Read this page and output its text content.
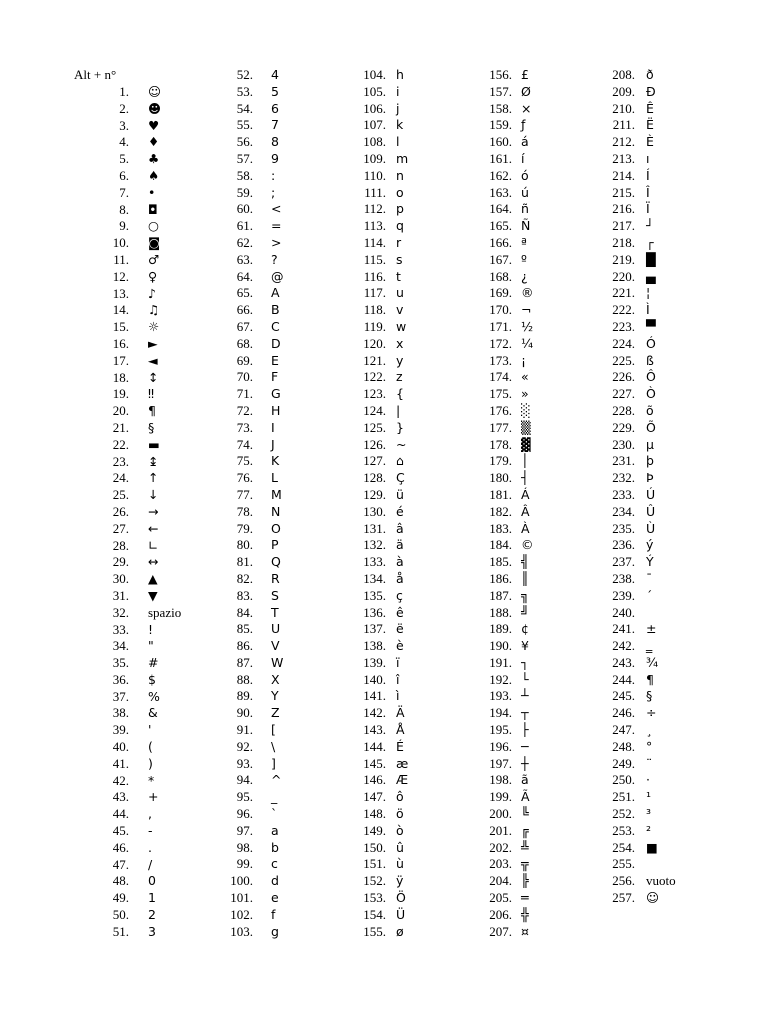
Alt + n°
1. ☺
2. ☻
3. ♥
4. ♦
5. ♣
6. ♠
7. •
8. ◘
9. ○
10. ◙
11. ♂
12. ♀
13. ♪
14. ♫
15. ☼
16. ►
17. ◄
18. ↕
19. ‼
20. ¶
21. §
22. ▬
23. ↨
24. ↑
25. ↓
26. →
27. ←
28. ∟
29. ↔
30. ▲
31. ▼
32. spazio
33. !
34. "
35. #
36. $
37. %
38. &
39. '
40. (
41. )
42. *
43. +
44. ,
45. -
46. .
47. /
48. 0
49. 1
50. 2
51. 3
52. 4
53. 5
54. 6
55. 7
56. 8
57. 9
58. :
59. ;
60. <
61. =
62. >
63. ?
64. @
65. A
66. B
67. C
68. D
69. E
70. F
71. G
72. H
73. I
74. J
75. K
76. L
77. M
78. N
79. O
80. P
81. Q
82. R
83. S
84. T
85. U
86. V
87. W
88. X
89. Y
90. Z
91. [
92. \
93. ]
94. ^
95. _
96. `
97. a
98. b
99. c
100. d
101. e
102. f
103. g
104. h
105. i
106. j
107. k
108. l
109. m
110. n
111. o
112. p
113. q
114. r
115. s
116. t
117. u
118. v
119. w
120. x
121. y
122. z
123. {
124. |
125. }
126. ~
127. ⌂
128. Ç
129. ü
130. é
131. â
132. ä
133. à
134. å
135. ç
136. ê
137. ë
138. è
139. ï
140. î
141. ì
142. Ä
143. Å
144. É
145. æ
146. Æ
147. ô
148. ö
149. ò
150. û
151. ù
152. ÿ
153. Ö
154. Ü
155. ø
156. £
157. Ø
158. ×
159. ƒ
160. á
161. í
162. ó
163. ú
164. ñ
165. Ñ
166. ª
167. º
168. ¿
169. ®
170. ¬
171. ½
172. ¼
173. ¡
174. «
175. »
176. ░
177. ▒
178. ▓
179. │
180. ┤
181. Á
182. Â
183. À
184. ©
185. ╣
186. ║
187. ╗
188. ╝
189. ¢
190. ¥
191. ┐
192. └
193. ┴
194. ┬
195. ├
196. ─
197. ┼
198. ã
199. Ã
200. ╚
201. ╔
202. ╩
203. ╦
204. ╠
205. ═
206. ╬
207. ¤
208. ð
209. Ð
210. Ê
211. Ë
212. È
213. ı
214. Í
215. Î
216. Ï
217. ┘
218. ┌
219. █
220. ▄
221. ¦
222. Ì
223. ▀
224. Ó
225. ß
226. Ô
227. Ò
228. õ
229. Õ
230. µ
231. þ
232. Þ
233. Ú
234. Û
235. Ù
236. ý
237. Ý
238. ¯
239. ´
240.
241. ±
242. ‗
243. ¾
244. ¶
245. §
246. ÷
247. ¸
248. °
249. ¨
250. ·
251. ¹
252. ³
253. ²
254. ■
255.
256. vuoto
257. ☺
